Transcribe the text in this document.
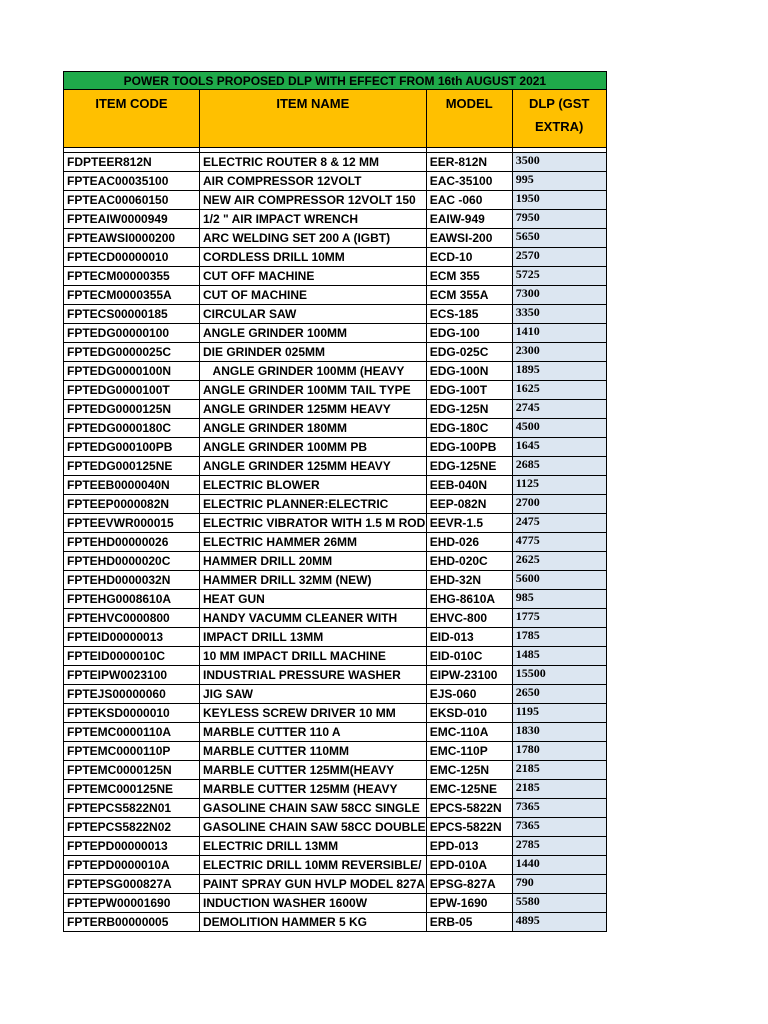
POWER TOOLS PROPOSED DLP WITH EFFECT FROM 16th AUGUST 2021			
ITEM CODE	ITEM NAME	MODEL	DLP (GST EXTRA)

FDPTEER812N	ELECTRIC ROUTER 8 & 12 MM	EER-812N	3500
FPTEAC00035100	AIR COMPRESSOR 12VOLT	EAC-35100	995
FPTEAC00060150	NEW AIR COMPRESSOR 12VOLT 150	EAC -060	1950
FPTEAIW0000949	1/2 " AIR IMPACT WRENCH	EAIW-949	7950
FPTEAWSI0000200	ARC WELDING SET 200 A (IGBT)	EAWSI-200	5650
FPTECD00000010	CORDLESS DRILL 10MM	ECD-10	2570
FPTECM00000355	CUT OFF MACHINE	ECM 355	5725
FPTECM0000355A	CUT OF MACHINE	ECM 355A	7300
FPTECS00000185	CIRCULAR SAW	ECS-185	3350
FPTEDG00000100	ANGLE GRINDER 100MM	EDG-100	1410
FPTEDG0000025C	DIE GRINDER 025MM	EDG-025C	2300
FPTEDG0000100N	ANGLE GRINDER 100MM (HEAVY	EDG-100N	1895
FPTEDG0000100T	ANGLE GRINDER 100MM TAIL TYPE	EDG-100T	1625
FPTEDG0000125N	ANGLE GRINDER 125MM HEAVY	EDG-125N	2745
FPTEDG0000180C	ANGLE GRINDER 180MM	EDG-180C	4500
FPTEDG000100PB	ANGLE GRINDER 100MM PB	EDG-100PB	1645
FPTEDG000125NE	ANGLE GRINDER 125MM HEAVY	EDG-125NE	2685
FPTEEB0000040N	ELECTRIC BLOWER	EEB-040N	1125
FPTEEP0000082N	ELECTRIC PLANNER:ELECTRIC	EEP-082N	2700
FPTEEVWR000015	ELECTRIC VIBRATOR WITH 1.5 M ROD	EEVR-1.5	2475
FPTEHD00000026	ELECTRIC HAMMER 26MM	EHD-026	4775
FPTEHD0000020C	HAMMER DRILL 20MM	EHD-020C	2625
FPTEHD0000032N	HAMMER DRILL 32MM (NEW)	EHD-32N	5600
FPTEHG0008610A	HEAT GUN	EHG-8610A	985
FPTEHVC0000800	HANDY VACUMM CLEANER WITH	EHVC-800	1775
FPTEID00000013	IMPACT DRILL 13MM	EID-013	1785
FPTEID0000010C	10 MM IMPACT DRILL MACHINE	EID-010C	1485
FPTEIPW0023100	INDUSTRIAL PRESSURE WASHER	EIPW-23100	15500
FPTEJS00000060	JIG SAW	EJS-060	2650
FPTEKSD0000010	KEYLESS SCREW DRIVER 10 MM	EKSD-010	1195
FPTEMC0000110A	MARBLE CUTTER 110 A	EMC-110A	1830
FPTEMC0000110P	MARBLE CUTTER 110MM	EMC-110P	1780
FPTEMC0000125N	MARBLE CUTTER 125MM(HEAVY	EMC-125N	2185
FPTEMC000125NE	MARBLE CUTTER 125MM (HEAVY	EMC-125NE	2185
FPTEPCS5822N01	GASOLINE CHAIN SAW 58CC SINGLE	EPCS-5822N	7365
FPTEPCS5822N02	GASOLINE CHAIN SAW 58CC DOUBLE	EPCS-5822N	7365
FPTEPD00000013	ELECTRIC DRILL 13MM	EPD-013	2785
FPTEPD0000010A	ELECTRIC DRILL 10MM REVERSIBLE/	EPD-010A	1440
FPTEPSG000827A	PAINT SPRAY GUN HVLP MODEL 827A	EPSG-827A	790
FPTEPW00001690	INDUCTION WASHER 1600W	EPW-1690	5580
FPTERB00000005	DEMOLITION HAMMER 5 KG	ERB-05	4895
